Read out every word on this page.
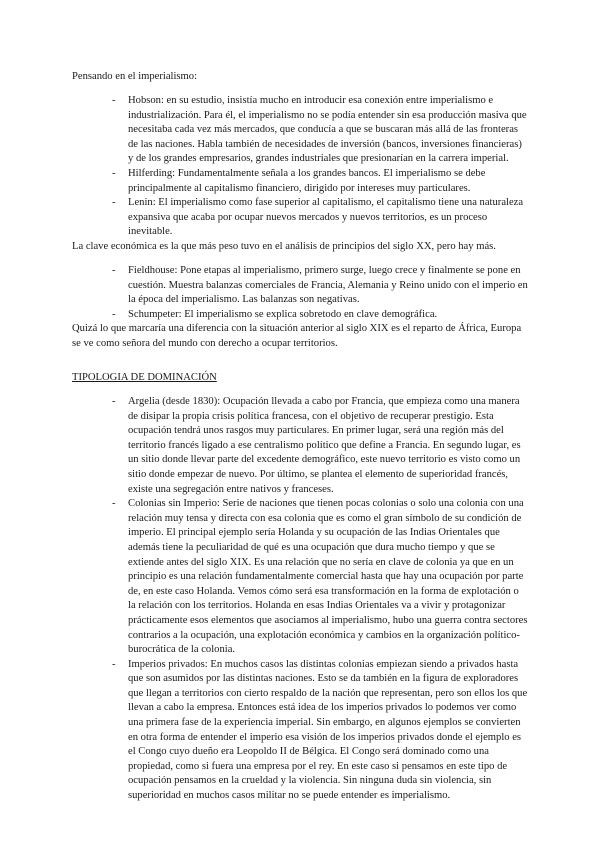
Pensando en el imperialismo:

- Hobson: en su estudio, insistía mucho en introducir esa conexión entre imperialismo e industrialización. Para él, el imperialismo no se podía entender sin esa producción masiva que necesitaba cada vez más mercados, que conducía a que se buscaran más allá de las fronteras de las naciones. Habla también de necesidades de inversión (bancos, inversiones financieras) y de los grandes empresarios, grandes industriales que presionarían en la carrera imperial.
- Hilferding: Fundamentalmente señala a los grandes bancos. El imperialismo se debe principalmente al capitalismo financiero, dirigido por intereses muy particulares.
- Lenin: El imperialismo como fase superior al capitalismo, el capitalismo tiene una naturaleza expansiva que acaba por ocupar nuevos mercados y nuevos territorios, es un proceso inevitable.

La clave económica es la que más peso tuvo en el análisis de principios del siglo XX, pero hay más.

- Fieldhouse: Pone etapas al imperialismo, primero surge, luego crece y finalmente se pone en cuestión. Muestra balanzas comerciales de Francia, Alemania y Reino unido con el imperio en la época del imperialismo. Las balanzas son negativas.
- Schumpeter: El imperialismo se explica sobretodo en clave demográfica.

Quizá lo que marcaría una diferencia con la situación anterior al siglo XIX es el reparto de África, Europa se ve como señora del mundo con derecho a ocupar territorios.

TIPOLOGIA DE DOMINACIÓN
- Argelia (desde 1830): Ocupación llevada a cabo por Francia, que empieza como una manera de disipar la propia crisis política francesa, con el objetivo de recuperar prestigio. Esta ocupación tendrá unos rasgos muy particulares. En primer lugar, será una región más del territorio francés ligado a ese centralismo político que define a Francia. En segundo lugar, es un sitio donde llevar parte del excedente demográfico, este nuevo territorio es visto como un sitio donde empezar de nuevo. Por último, se plantea el elemento de superioridad francés, existe una segregación entre nativos y franceses.
- Colonias sin Imperio: Serie de naciones que tienen pocas colonias o solo una colonia con una relación muy tensa y directa con esa colonia que es como el gran símbolo de su condición de imperio. El principal ejemplo sería Holanda y su ocupación de las Indias Orientales que además tiene la peculiaridad de qué es una ocupación que dura mucho tiempo y que se extiende antes del siglo XIX. Es una relación que no sería en clave de colonia ya que en un principio es una relación fundamentalmente comercial hasta que hay una ocupación por parte de, en este caso Holanda. Vemos cómo será esa transformación en la forma de explotación o la relación con los territorios. Holanda en esas Indias Orientales va a vivir y protagonizar prácticamente esos elementos que asociamos al imperialismo, hubo una guerra contra sectores contrarios a la ocupación, una explotación económica y cambios en la organización político-burocrática de la colonia.
- Imperios privados: En muchos casos las distintas colonias empiezan siendo a privados hasta que son asumidos por las distintas naciones. Esto se da también en la figura de exploradores que llegan a territorios con cierto respaldo de la nación que representan, pero son ellos los que llevan a cabo la empresa. Entonces está idea de los imperios privados lo podemos ver como una primera fase de la experiencia imperial. Sin embargo, en algunos ejemplos se convierten en otra forma de entender el imperio esa visión de los imperios privados donde el ejemplo es el Congo cuyo dueño era Leopoldo II de Bélgica. El Congo será dominado como una propiedad, como si fuera una empresa por el rey. En este caso si pensamos en este tipo de ocupación pensamos en la crueldad y la violencia. Sin ninguna duda sin violencia, sin superioridad en muchos casos militar no se puede entender es imperialismo.
